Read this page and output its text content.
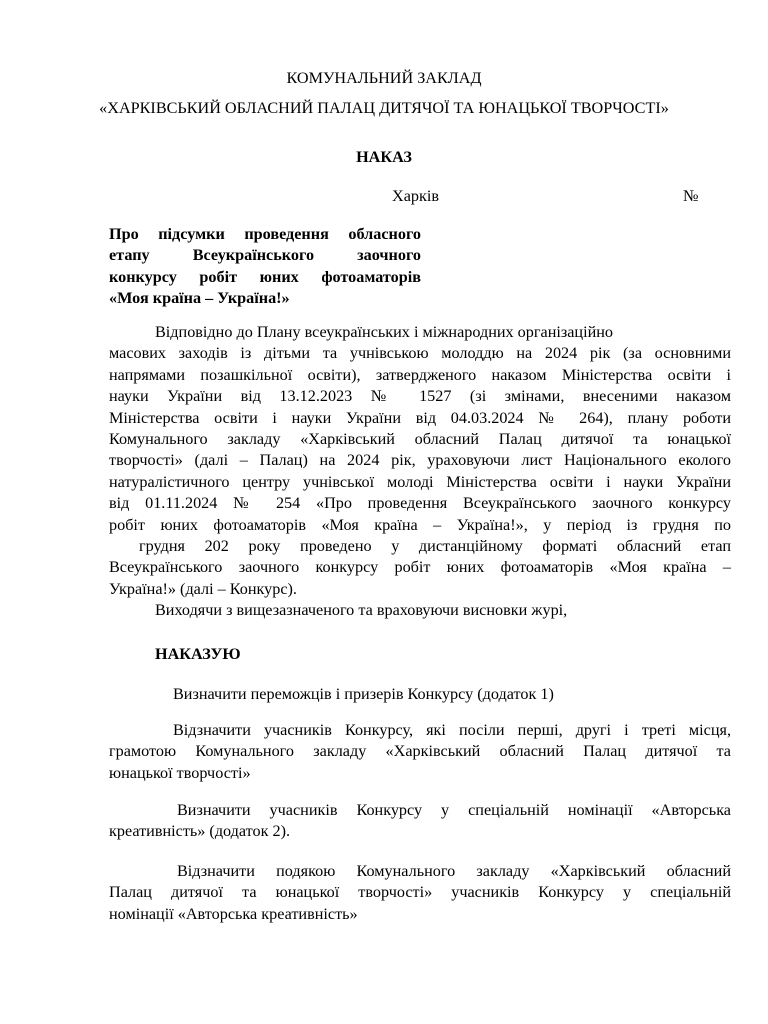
КОМУНАЛЬНИЙ ЗАКЛАД
«ХАРКІВСЬКИЙ ОБЛАСНИЙ ПАЛАЦ ДИТЯЧОЇ ТА ЮНАЦЬКОЇ ТВОРЧОСТІ»
НАКАЗ
Харків	№
Про підсумки проведення обласного
етапу Всеукраїнського заочного
конкурсу робіт юних фотоаматорів
«Моя країна – Україна!»
Відповідно до Плану всеукраїнських і міжнародних організаційно
масових заходів із дітьми та учнівською молоддю на 2024 рік (за основними
напрямами позашкільної освіти), затвердженого наказом Міністерства освіти і
науки України від 13.12.2023 № 1527 (зі змінами, внесеними наказом
Міністерства освіти і науки України від 04.03.2024 № 264), плану роботи
Комунального закладу «Харківський обласний Палац дитячої та юнацької
творчості» (далі – Палац) на 2024 рік, ураховуючи лист Національного еколого
натуралістичного центру учнівської молоді Міністерства освіти і науки України
від 01.11.2024 № 254 «Про проведення Всеукраїнського заочного конкурсу
робіт юних фотоаматорів «Моя країна – Україна!», у період із грудня по
грудня 202 року проведено у дистанційному форматі обласний етап
Всеукраїнського заочного конкурсу робіт юних фотоаматорів «Моя країна –
Україна!» (далі – Конкурс).
Виходячи з вищезазначеного та враховуючи висновки журі,
НАКАЗУЮ
Визначити переможців і призерів Конкурсу (додаток 1)
Відзначити учасників Конкурсу, які посіли перші, другі і треті місця,
грамотою Комунального закладу «Харківський обласний Палац дитячої та
юнацької творчості»
Визначити учасників Конкурсу у спеціальній номінації «Авторська
креативність» (додаток 2).
Відзначити подякою Комунального закладу «Харківський обласний
Палац дитячої та юнацької творчості» учасників Конкурсу у спеціальній
номінації «Авторська креативність»
